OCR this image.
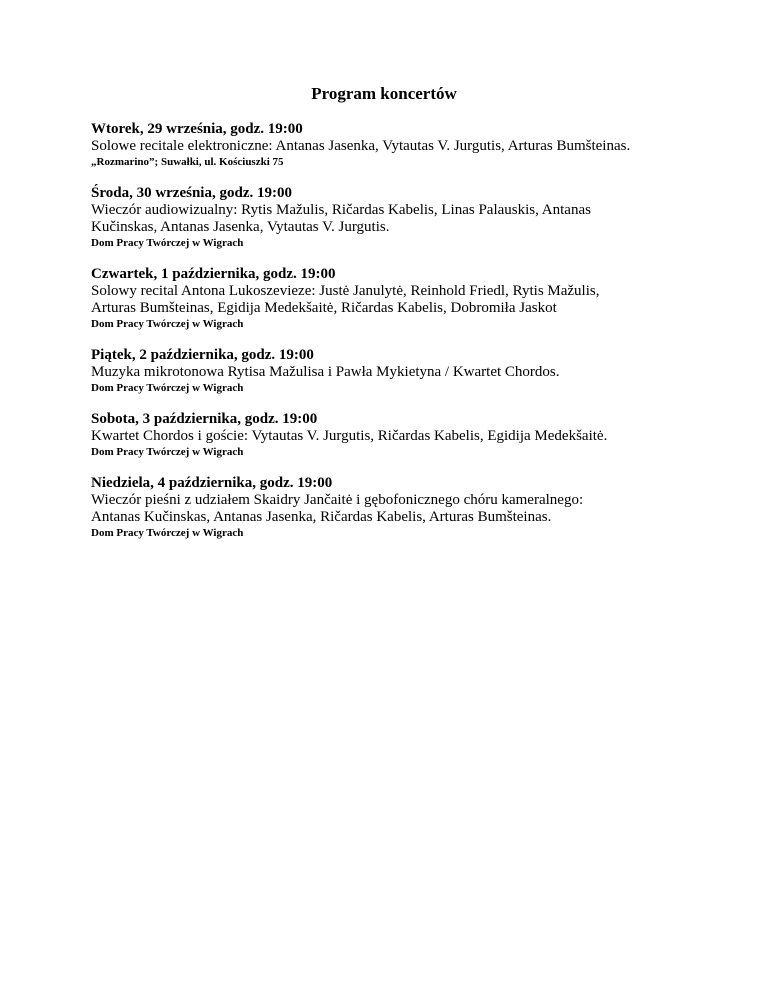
Program koncertów
Wtorek, 29 września, godz. 19:00
Solowe recitale elektroniczne: Antanas Jasenka, Vytautas V. Jurgutis, Arturas Bumšteinas.
„Rozmarino”; Suwałki, ul. Kościuszki 75
Środa, 30 września, godz. 19:00
Wieczór audiowizualny: Rytis Mažulis, Ričardas Kabelis, Linas Palauskis, Antanas
Kučinskas, Antanas Jasenka, Vytautas V. Jurgutis.
Dom Pracy Twórczej w Wigrach
Czwartek, 1 października, godz. 19:00
Solowy recital Antona Lukoszevieze: Justė Janulytė, Reinhold Friedl, Rytis Mažulis,
Arturas Bumšteinas, Egidija Medekšaitė, Ričardas Kabelis, Dobromiła Jaskot
Dom Pracy Twórczej w Wigrach
Piątek, 2 października, godz. 19:00
Muzyka mikrotonowa Rytisa Mažulisa i Pawła Mykietyna / Kwartet Chordos.
Dom Pracy Twórczej w Wigrach
Sobota, 3 października, godz. 19:00
Kwartet Chordos i goście: Vytautas V. Jurgutis, Ričardas Kabelis, Egidija Medekšaitė.
Dom Pracy Twórczej w Wigrach
Niedziela, 4 października, godz. 19:00
Wieczór pieśni z udziałem Skaidry Jančaitė i gębofonicznego chóru kameralnego:
Antanas Kučinskas, Antanas Jasenka, Ričardas Kabelis, Arturas Bumšteinas.
Dom Pracy Twórczej w Wigrach
